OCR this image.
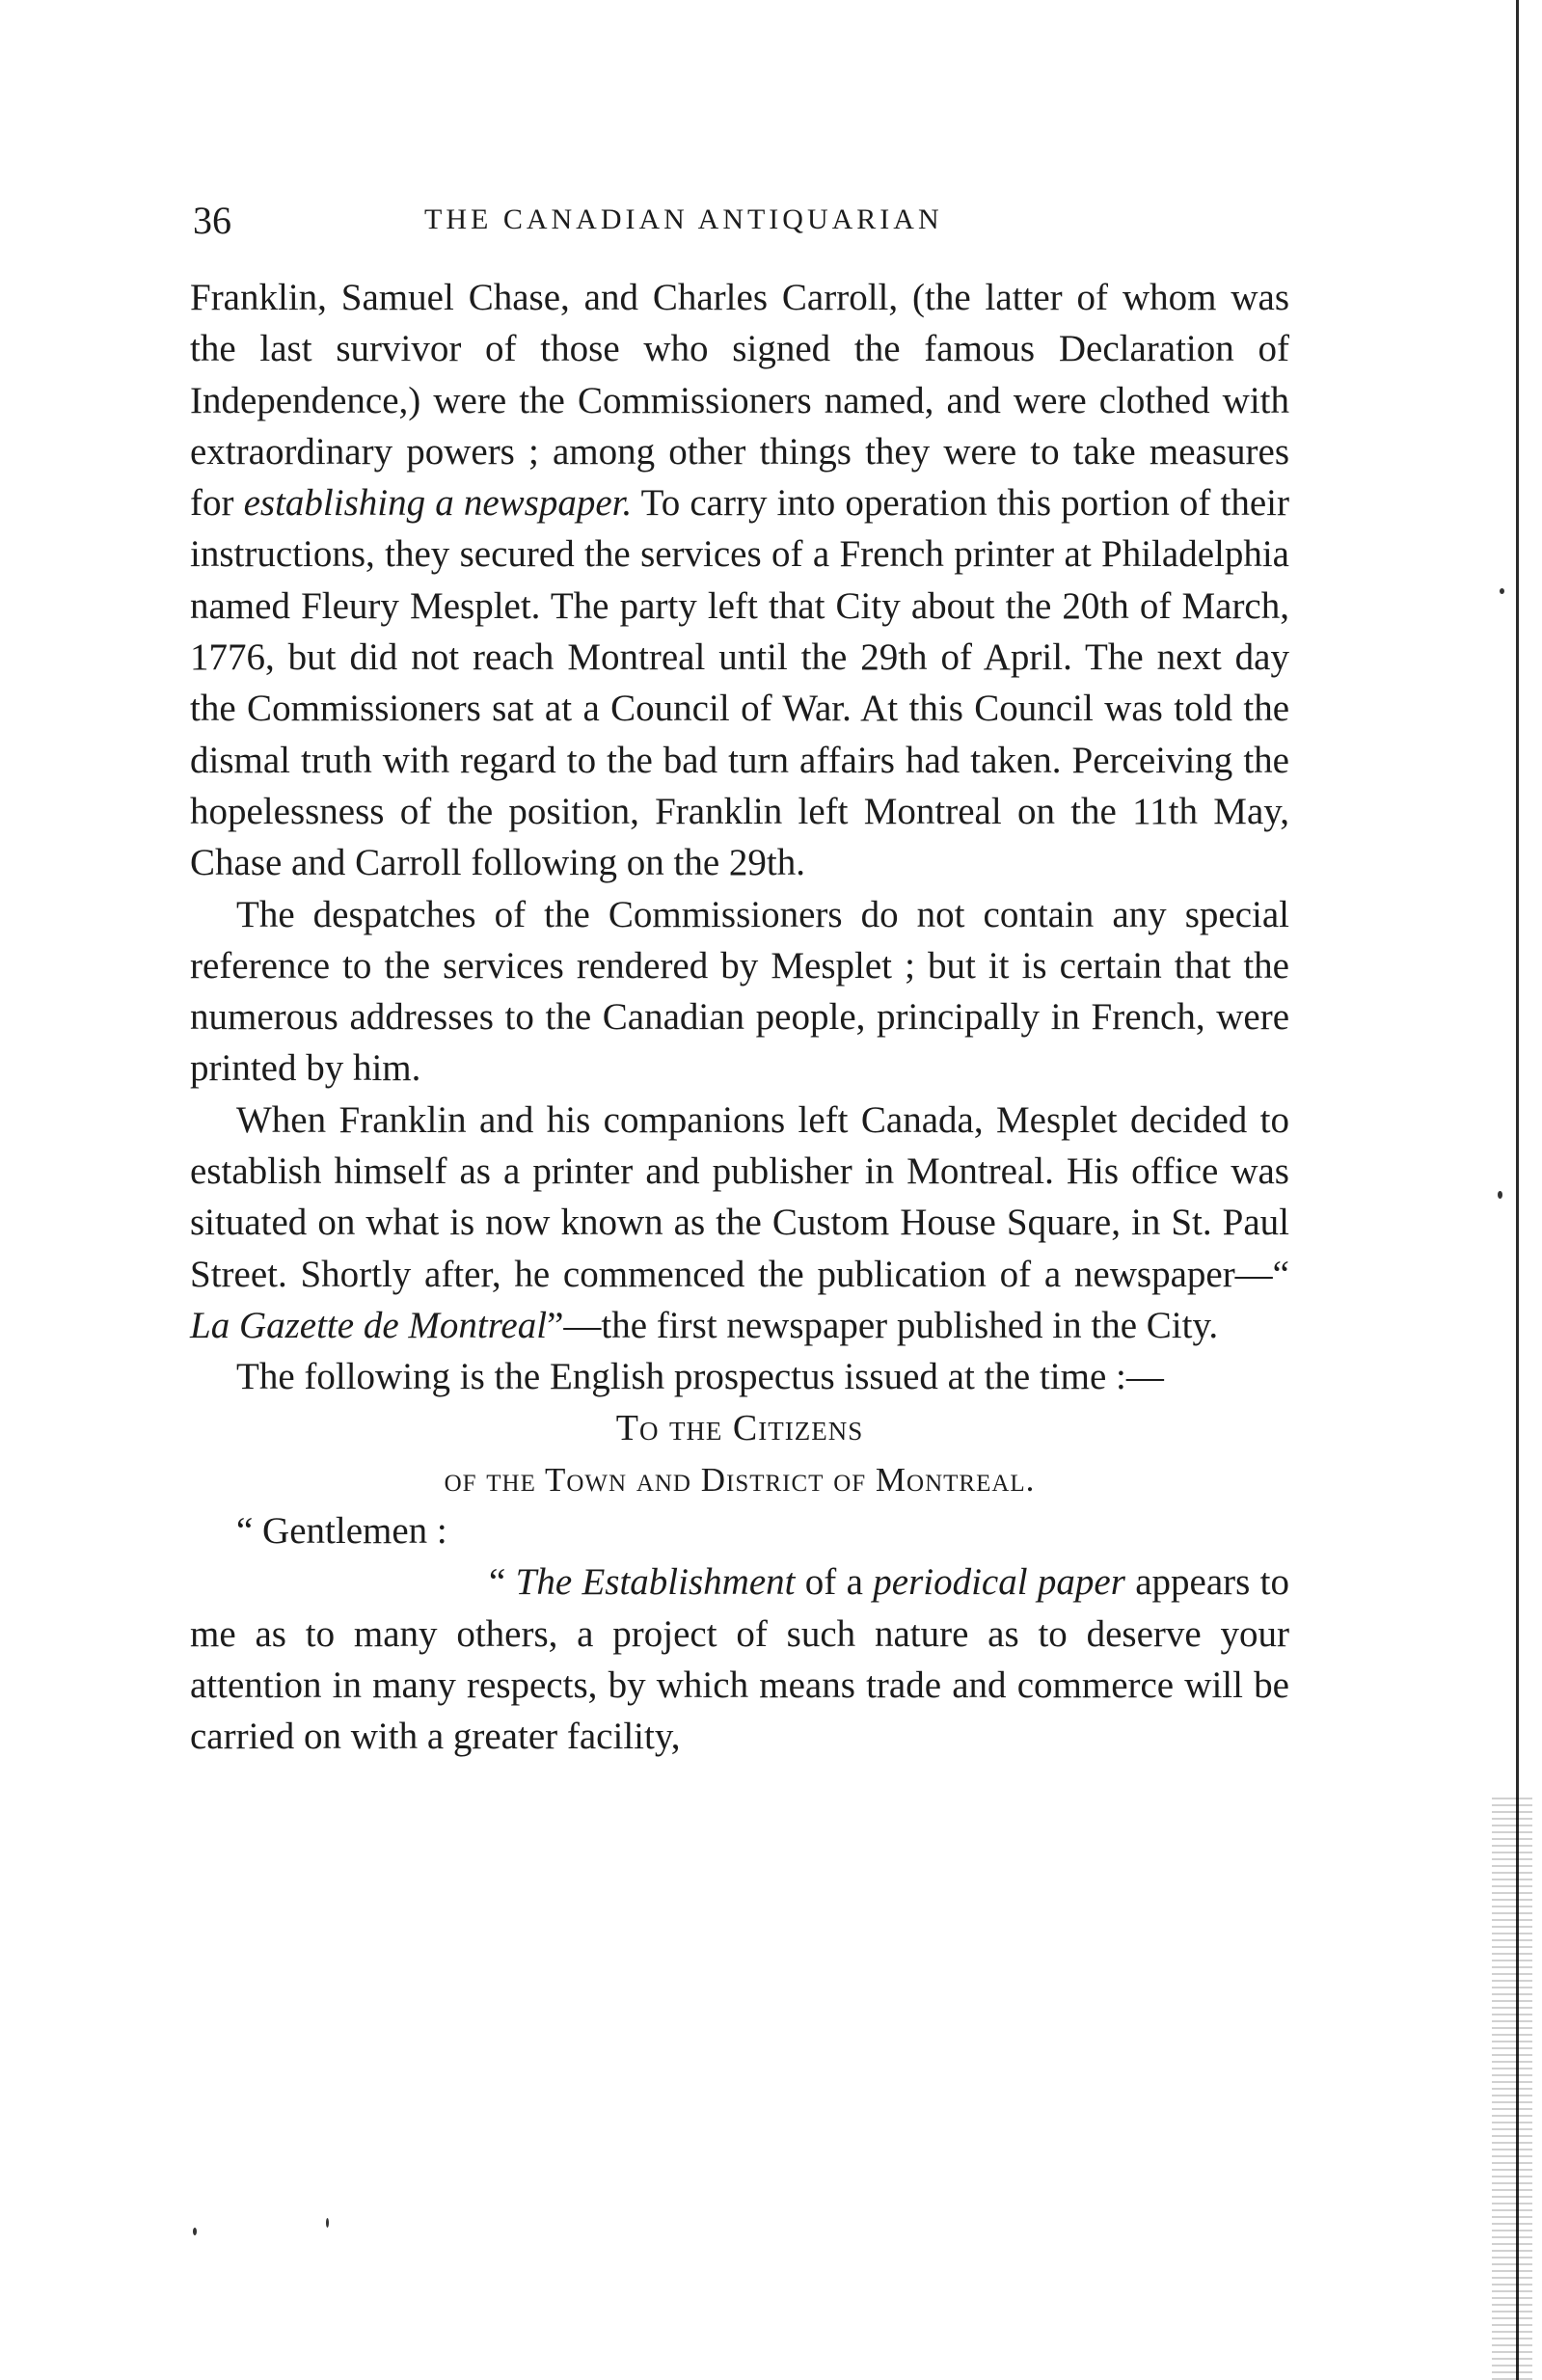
36	THE CANADIAN ANTIQUARIAN

Franklin, Samuel Chase, and Charles Carroll, (the latter of whom was the last survivor of those who signed the famous Declaration of Independence,) were the Commissioners named, and were clothed with extraordinary powers ; among other things they were to take measures for establishing a newspaper. To carry into operation this portion of their instructions, they secured the services of a French printer at Philadelphia named Fleury Mesplet. The party left that City about the 20th of March, 1776, but did not reach Montreal until the 29th of April. The next day the Commissioners sat at a Council of War. At this Council was told the dismal truth with regard to the bad turn affairs had taken. Perceiving the hopelessness of the position, Franklin left Montreal on the 11th May, Chase and Carroll following on the 29th.

The despatches of the Commissioners do not contain any special reference to the services rendered by Mesplet ; but it is certain that the numerous addresses to the Canadian people, principally in French, were printed by him.

When Franklin and his companions left Canada, Mesplet decided to establish himself as a printer and publisher in Montreal. His office was situated on what is now known as the Custom House Square, in St. Paul Street. Shortly after, he commenced the publication of a newspaper—“ La Gazette de Montreal”—the first newspaper published in the City.

The following is the English prospectus issued at the time :—

To the Citizens

of the Town and District of Montreal.

“ Gentlemen :

“ The Establishment of a periodical paper appears to me as to many others, a project of such nature as to deserve your attention in many respects, by which means trade and commerce will be carried on with a greater facility,
